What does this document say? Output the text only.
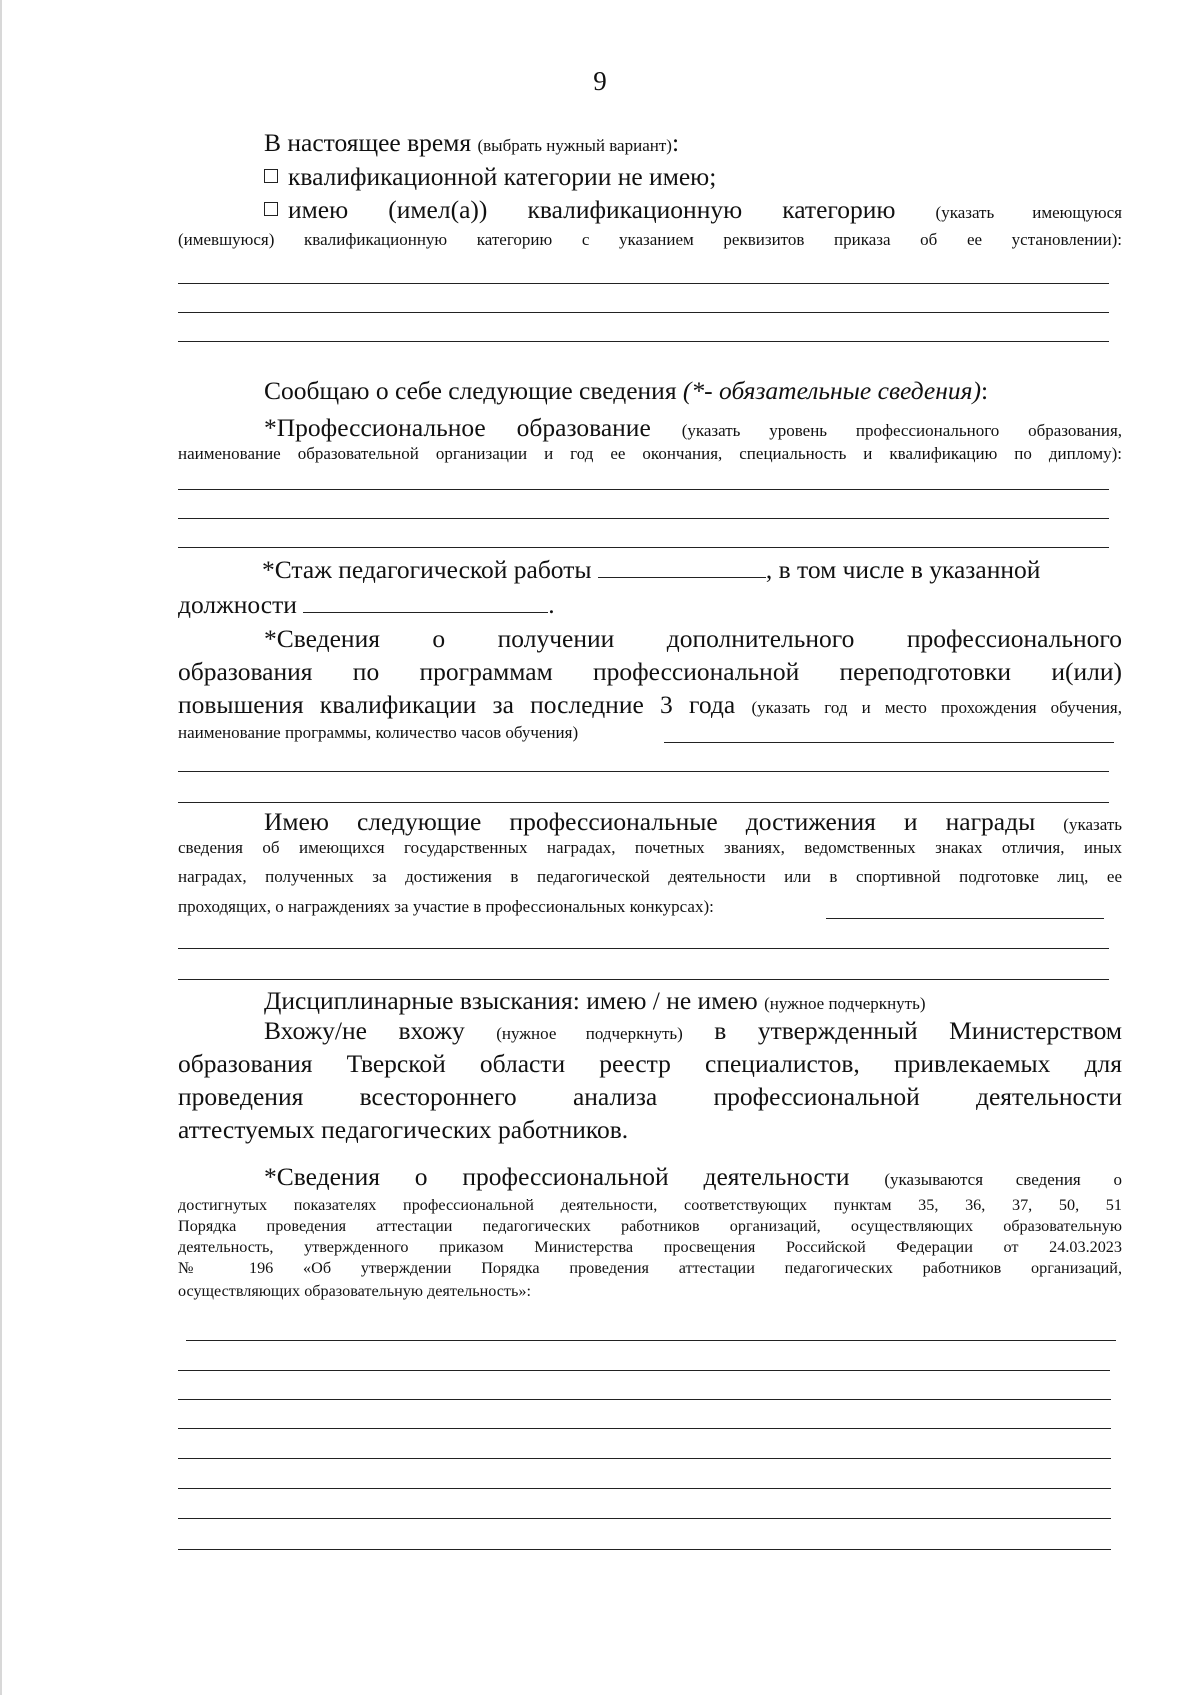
9
В настоящее время (выбрать нужный вариант):
квалификационной категории не имею;
имею (имел(а)) квалификационную категорию (указать имеющуюся
(имевшуюся) квалификационную категорию с указанием реквизитов приказа об ее установлении):
Сообщаю о себе следующие сведения (*- обязательные сведения):
*Профессиональное образование (указать уровень профессионального образования,
наименование образовательной организации и год ее окончания, специальность и квалификацию по диплому):
*Стаж педагогической работы	, в том числе в указанной
должности	.
*Сведения о получении дополнительного профессионального
образования по программам профессиональной переподготовки и(или)
повышения квалификации за последние 3 года (указать год и место прохождения обучения,
наименование программы, количество часов обучения)
Имею следующие профессиональные достижения и награды (указать
сведения об имеющихся государственных наградах, почетных званиях, ведомственных знаках отличия, иных
наградах, полученных за достижения в педагогической деятельности или в спортивной подготовке лиц, ее
проходящих, о награждениях за участие в профессиональных конкурсах):
Дисциплинарные взыскания: имею / не имею (нужное подчеркнуть)
Вхожу/не вхожу (нужное подчеркнуть) в утвержденный Министерством
образования Тверской области реестр специалистов, привлекаемых для
проведения всестороннего анализа профессиональной деятельности
аттестуемых педагогических работников.
*Сведения о профессиональной деятельности (указываются сведения о
достигнутых показателях профессиональной деятельности, соответствующих пунктам 35, 36, 37, 50, 51
Порядка проведения аттестации педагогических работников организаций, осуществляющих образовательную
деятельность, утвержденного приказом Министерства просвещения Российской Федерации от 24.03.2023
№ 196 «Об утверждении Порядка проведения аттестации педагогических работников организаций,
осуществляющих образовательную деятельность»:
